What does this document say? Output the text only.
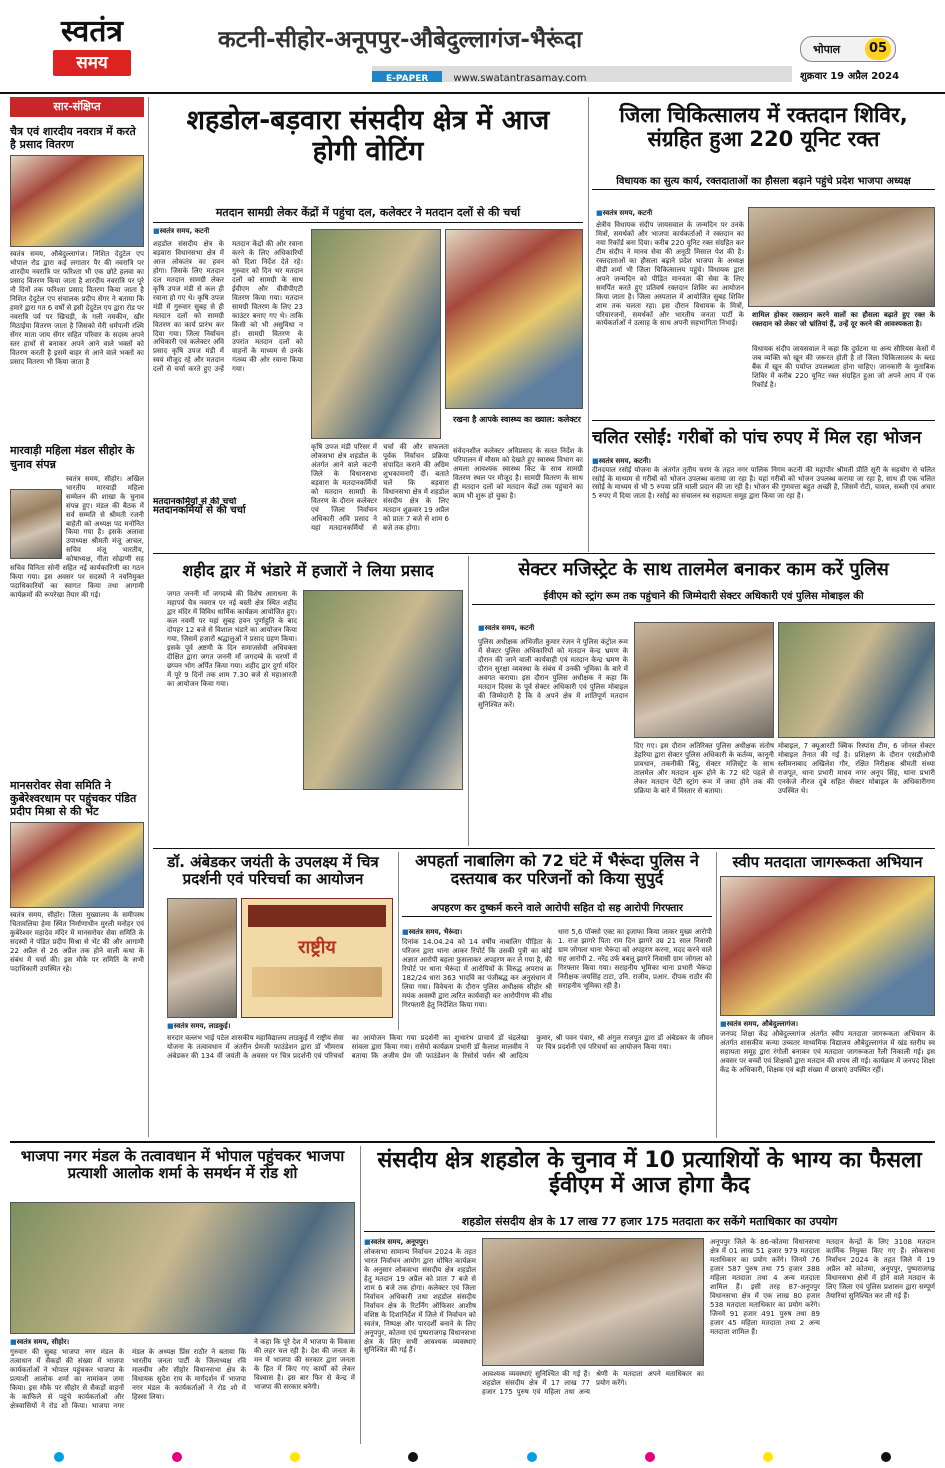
स्वतंत्र
समय
कटनी-सीहोर-अनूपपुर-औबेदुल्लागंज-भैरूंदा
E-PAPER	www.swatantrasamay.com
भोपाल	05
शुक्रवार 19 अप्रैल 2024
सार-संक्षिप्त
चैत्र एवं शारदीय नवरात्र में करते है प्रसाद वितरण
स्वतंत्र समय, औबेदुल्लागंज। निशित देदुटेल एप भोपाल रोड द्वारा कई लगातार पैर की नवरात्रि पर शारदीय नवरात्रि पर फरिश्ता भी एक छोटे हलवा का प्रसाद वितरण किया जाता है शारदीय नवरात्रि पर पूरे नौ दिनों तक फरिश्ता प्रसाद वितरण किया जाता है निशित देदुटेल एप संचालक प्रदीप सेंगर ने बताया कि हमारे द्वारा गत 6 वर्षों से इसी देदुटेल एप द्वारा रोड पर नवरात्रि पर्व पर खिचड़ी, के गली नमकीन, खीर मिठाईया वितरण जाता है जिसको मेरी धर्मपत्नी रश्मि सेंगर माता जाय सेंगर सहित परिवार के सदस्य अपने स्तर हाथों से बनाकर अपने आने वाले भक्तों को वितरण करती है इसमें बाहर से आने वाले भक्तों का प्रसाद वितरण भी किया जाता है
मारवाड़ी महिला मंडल सीहोर के चुनाव संपन्न
स्वतंत्र समय, सीहोर। अखिल भारतीय मारवाड़ी महिला सम्मेलन की शाखा के चुनाव संपन्न हुए। मंडल की बैठक में सर्व सम्मति से श्रीमती रजनी बाहेती को अध्यक्ष पद मनोनित किया गया है। इसके अलावा उपाध्यक्ष श्रीमती मंजू आचल, सचिव मंजू भारतीय, कोषाध्यक्ष, गीता सोढ़ाणी सह सचिव विनिता सोनी सहित नई कार्यकारिणी का गठन किया गया। इस अवसर पर सदस्यों ने नवनियुक्त पदाधिकारियों का स्वागत किया तथा आगामी कार्यक्रमों की रूपरेखा तैयार की गई।
मानसरोवर सेवा समिति ने कुबेरेश्वरधाम पर पहुंचकर पंडित प्रदीप मिश्रा से की भेंट
स्वतंत्र समय, सीहोर। जिला मुख्यालय के समीपस्थ चितावलिया हेमा स्थित निर्माणाधीन मुरली मनोहर एवं कुबेरेश्वर महादेव मंदिर में मानसरोवर सेवा समिति के सदस्यों ने पंडित प्रदीप मिश्रा से भेंट की और आगामी 22 अप्रैल से 26 अप्रैल तक होने वाली कथा के संबंध में चर्चा की। इस मौके पर समिति के सभी पदाधिकारी उपस्थित रहे।
शहडोल-बड़वारा संसदीय क्षेत्र में आज होगी वोटिंग
मतदान सामग्री लेकर केंद्रों में पहुंचा दल, कलेक्टर ने मतदान दलों से की चर्चा
■ स्वतंत्र समय, कटनी
शहडोल संसदीय क्षेत्र के बड़वारा विधानसभा क्षेत्र में आज लोकतंत्र का हवन होगा। जिसके लिए मतदान दल मतदान सामग्री लेकर कृषि उपज मंडी से कल ही रवाना हो गए थे। कृषि उपज मंडी में गुरुवार सुबह से ही मतदान दलों को सामग्री वितरण का कार्य प्रारंभ कर दिया गया। जिला निर्वाचन अधिकारी एवं कलेक्टर अवि प्रसाद कृषि उपज मंडी में स्वयं मौजूद रहे और मतदान दलों से चर्चा करते हुए उन्हें मतदान केंद्रों की ओर रवाना करने के लिए अधिकारियों को दिशा निर्देश देते रहे। गुरुवार को दिन भर मतदान दलों को सामग्री के साथ ईवीएम और वीवीपीएटी वितरण किया गया। मतदान सामग्री वितरण के लिए 23 काउंटर बनाए गए थे। ताकि किसी को भी असुविधा न हो। सामग्री वितरण के उपरांत मतदान दलों को वाहनों के माध्यम से उनके गंतव्य की ओर रवाना किया गया।
मतदानकर्मियों से की चर्चा
रखना है आपके स्वास्थ्य का ख्याल: कलेक्टर
कृषि उपज मंडी परिसर में लोकसभा क्षेत्र शहडोल के अंतर्गत आने वाले कटनी जिले के विधानसभा बड़वारा के मतदानकर्मियों को मतदान सामग्री के वितरण के दौरान कलेक्टर एवं जिला निर्वाचन अधिकारी अवि प्रसाद ने यहां मतदानकर्मियों से चर्चा की और सफलता पूर्वक निर्वाचन प्रक्रिया संपादित कराने की अग्रिम शुभकामनाएँ दीं। बताते चलें कि बड़वारा विधानसभा क्षेत्र में शहडोल संसदीय क्षेत्र के लिए मतदान शुक्रवार 19 अप्रैल को प्रातः 7 बजे से शाम 6 बजे तक होगा।
संवेदनशील कलेक्टर अविप्रसाद के सतत निर्देश के परिपालन में मौसम को देखते हुए स्वास्थ्य विभाग का अमला आवश्यक स्वास्थ्य किट के साथ सामग्री वितरण स्थल पर मौजूद है। सामग्री वितरण के साथ ही मतदान दलों को मतदान केंद्रों तक पहुंचाने का काम भी शुरू हो चुका है।
मतदानकर्मियों से की चर्चा
जिला चिकित्सालय में रक्तदान शिविर, संग्रहित हुआ 220 यूनिट रक्त
विधायक का सुत्य कार्य, रक्तदाताओं का हौसला बढ़ाने पहुंचे प्रदेश भाजपा अध्यक्ष
■ स्वतंत्र समय, कटनी
क्षेत्रीय विधायक संदीप जायसवाल के जन्मदिन पर उनके मित्रों, समर्थकों और भाजपा कार्यकर्ताओं ने रक्तदान का नया रिकॉर्ड बना दिया। करीब 220 यूनिट रक्त संग्रहित कर टीम संदीप ने मानव सेवा की अनूठी मिसाल पेश की है। रक्तदाताओं का हौसला बढ़ाने प्रदेश भाजपा के अध्यक्ष वीडी शर्मा भी जिला चिकित्सालय पहुंचे। विधायक द्वारा अपने जन्मदिन को पीड़ित मानवता की सेवा के लिए समर्पित करते हुए प्रतिवर्ष रक्तदान शिविर का आयोजन किया जाता है। जिला अस्पताल में आयोजित सुबह शिविर शाम तक चलता रहा। इस दौरान विधायक के मित्रों, परिवारजनों, समर्थकों और भारतीय जनता पार्टी के कार्यकर्ताओं ने उत्साह के साथ अपनी सहभागिता निभाई।
शामिल होकर रक्तदान करने वालों का हौसला बढ़ाते हुए रक्त के रक्तदान को लेकर जो भ्रांतियां हैं, उन्हें दूर करने की आवश्यकता है।
विधायक संदीप जायसवाल ने कहा कि दुर्घटना या अन्य सीरियस केसों में जब व्यक्ति को खून की जरूरत होती है तो जिला चिकित्सालय के ब्लड बैंक में खून की पर्याप्त उपलब्धता होना चाहिए। जानकारी के मुताबिक शिविर में करीब 220 यूनिट रक्त संग्रहित हुआ जो अपने आप में एक रिकॉर्ड है।
चलित रसोईं: गरीबों को पांच रुपए में मिल रहा भोजन
■ स्वतंत्र समय, कटनी।
दीनदयाल रसोई योजना के अंतर्गत तृतीय चरण के तहत नगर पालिक निगम कटनी की महापौर श्रीमती प्रीति सूरी के सहयोग से चलित रसोई के माध्यम से गरीबों को भोजन उपलब्ध कराया जा रहा है। यहां गरीबों को भोजन उपलब्ध कराया जा रहा है, साथ ही एक चलित रसोई के माध्यम से भी 5 रुपया प्रति थाली प्रदान की जा रही है। भोजन की गुणवत्ता बहुत अच्छी है, जिसमें रोटी, चावल, सब्जी एवं अचार 5 रुपए में दिया जाता है। रसोई का संचालन स्व सहायता समूह द्वारा किया जा रहा है।
शहीद द्वार में भंडारे में हजारों ने लिया प्रसाद
जगत जननी माँ जगदम्बे की विशेष आराधना के महापर्व चैत्र नवरात्र पर नई बस्ती क्षेत्र स्थित शहीद द्वार मंदिर में विविध धार्मिक कार्यक्रम आयोजित हुए। कल नवमी पर यहां सुबह हवन पूर्णाहुति के बाद दोपहर 12 बजे से विशाल भंडारे का आयोजन किया गया, जिसमें हजारों श्रद्धालुओं ने प्रसाद ग्रहण किया। इसके पूर्व अष्टमी के दिन समाजसेवी अधिवक्ता दीक्षित द्वारा जगत जननी माँ जगदम्बे के चरणों में छप्पन भोग अर्पित किया गया। शहीद द्वार दुर्गा मंदिर में पूरे 9 दिनों तक शाम 7.30 बजे से महाआरती का आयोजन किया गया।
सेक्टर मजिस्ट्रेट के साथ तालमेल बनाकर काम करें पुलिस
ईवीएम को स्ट्रांग रूम तक पहुंचाने की जिम्मेदारी सेक्टर अधिकारी एवं पुलिस मोबाइल की
■ स्वतंत्र समय, कटनी
पुलिस अधीक्षक अभिजीत कुमार रंजन ने पुलिस कंट्रोल रूम में सेक्टर पुलिस अधिकारियों को मतदान केन्द्र भ्रमण के दौरान की जाने वाली कार्यवाही एवं मतदान केन्द्र भ्रमण के दौरान सुरक्षा व्यवस्था के संबंध में उनकी भूमिका के बारे में अवगत कराया। इस दौरान पुलिस अधीक्षक ने कहा कि मतदान दिवस के पूर्व सेक्टर अधिकारी एवं पुलिस मोबाइल की जिम्मेदारी है कि वे अपने क्षेत्र में शांतिपूर्ण मतदान सुनिश्चित करें।
दिए गए। इस दौरान अतिरिक्त पुलिस अधीक्षक संतोष डेहरिया द्वारा सेक्टर पुलिस अधिकारी के कर्तव्य, कानूनी प्रावधान, तकनीकी बिंदु, सेक्टर मजिस्ट्रेट के साथ तालमेल और मतदान शुरू होने के 72 घंटे पहले से लेकर मतदान पेटी स्ट्रांग रूम में जमा होने तक की प्रक्रिया के बारे में विस्तार से बताया।
मोबाइल, 7 क्यूआरटी क्विक रिस्पांस टीम, 6 जोनल सेक्टर मोबाइल तैनात की गई है। प्रशिक्षण के दौरान एसडीओपी स्लीमनाबाद अखिलेश गौर, रक्षित निरीक्षक श्रीमती संध्या राजपूत, थाना प्रभारी माधव नगर अनूप सिंह, थाना प्रभारी एनकेजे नीरज दुबे सहित सेक्टर मोबाइल के अधिकारीगण उपस्थित थे।
डॉ. अंबेडकर जयंती के उपलक्ष्य में चित्र प्रदर्शनी एवं परिचर्चा का आयोजन
राष्ट्रीय
■ स्वतंत्र समय, लाडकुई।
सरदार वल्लभ भाई पटेल शासकीय महाविद्यालय लाडकुई में राष्ट्रीय सेवा योजना के तत्वावधान में अंतरीन प्रेमजी फाउंडेशन द्वारा डॉ भीमराव अंबेडकर की 134 वीं जयंती के अवसर पर चित्र प्रदर्शनी एवं परिचर्चा का आयोजन किया गया प्रदर्शनी का शुभारंभ प्राचार्य डॉ चंद्रलेखा सांवला द्वारा किया गया। रासेयो कार्यक्रम प्रभारी डॉ कैलाश मालवीय ने बताया कि अजीम प्रेम जी फाउंडेशन के रिसोर्स पर्सन श्री आदित्य कुमार, श्री पवन पंवार, श्री अंगुल राजपूत द्वारा डॉ अंबेडकर के जीवन पर चित्र प्रदर्शनी एवं परिचर्चा का आयोजन किया गया।
अपहर्ता नाबालिग को 72 घंटे में भैरूंदा पुलिस ने दस्तयाब कर परिजनों को किया सुपुर्द
अपहरण कर दुष्कर्म करने वाले आरोपी सहित दो सह आरोपी गिरफ्तार
■ स्वतंत्र समय, भैरूंदा।
दिनांक 14.04.24 को 14 वर्षीय नाबालिग पीड़िता के परिजन द्वारा थाना आकर रिपोर्ट कि उसकी पुत्री का कोई अज्ञात आरोपी बहला फुसलाकर अपहरण कर ले गया है, की रिपोर्ट पर थाना भैरूंदा में आरोपियों के विरुद्ध अपराध क्र 182/24 धारा 363 भादवि का पंजीबद्ध कर अनुसंधान में लिया गया। विवेचना के दौरान पुलिस अधीक्षक सीहोर श्री मयंक अवस्थी द्वारा त्वरित कार्यवाही कर आरोपीगण की शीघ्र गिरफ्तारी हेतु निर्देशित किया गया।
धारा 5,6 पॉक्सो एक्ट का इजाफा किया जाकर मुख्य आरोपी 1. राज झागरे पिता राम दिन झागरे उम्र 21 साल निवासी ग्राम जोगला थाना भैरूंदा को अपहरण करना, मदद करने वाले सह आरोपी 2. नरेंद्र उर्फ बबलू झागरे निवासी ग्राम जोगला को गिरफ्तार किया गया। सराहनीय भूमिका थाना प्रभारी भैरूंदा निरीक्षक जयसिंह टाटा, उनि. राजीव, प्रआर. दीपक राठौर की सराहनीय भूमिका रही है।
स्वीप मतदाता जागरूकता अभियान
■ स्वतंत्र समय, औबेदुल्लागंज।
जनपद शिक्षा केंद्र औबेदुल्लागंज अंतर्गत स्वीप मतदाता जागरूकता अभियान के अंतर्गत शासकीय कन्या उच्चतर माध्यमिक विद्यालय औबेदुल्लागंज में खंड स्तरीय स्व सहायता समूह द्वारा रंगोली बनाकर एवं मतदाता जागरूकता रैली निकाली गई। इस अवसर पर बच्चों एवं शिक्षकों द्वारा मतदान की शपथ ली गई। कार्यक्रम में जनपद शिक्षा केंद्र के अधिकारी, शिक्षक एवं बड़ी संख्या में छात्राएं उपस्थित रहीं।
भाजपा नगर मंडल के तत्वावधान में भोपाल पहुंचकर भाजपा प्रत्याशी आलोक शर्मा के समर्थन में रोड शो
■ स्वतंत्र समय, सीहोर।
गुरुवार की सुबह भाजपा नगर मंडल के तत्वाधान में सैकड़ों की संख्या में भाजपा कार्यकर्ताओं ने भोपाल पहुंचकर भाजपा के प्रत्याशी आलोक शर्मा का नामांकन जमा किया। इस मौके पर सीहोर से सैकड़ों वाहनों के काफिले से पहुंचे कार्यकर्ताओं और क्षेत्रवासियों ने रोड शो किया। भाजपा नगर मंडल के अध्यक्ष प्रिंस राठौर ने बताया कि भारतीय जनता पार्टी के जिलाध्यक्ष रवि मालवीय और सीहोर विधानसभा क्षेत्र के विधायक सुदेश राय के मार्गदर्शन में भाजपा नगर मंडल के कार्यकर्ताओं ने रोड शो में हिस्सा लिया।
ने कहा कि पूरे देश में भाजपा के विकास की लहर चल रही है। देश की जनता के मन में भाजपा की सरकार द्वारा जनता के हित में किए गए कार्यों को लेकर विश्वास है। इस बार फिर से केन्द्र में भाजपा की सरकार बनेगी।
संसदीय क्षेत्र शहडोल के चुनाव में 10 प्रत्याशियों के भाग्य का फैसला ईवीएम में आज होगा कैद
शहडोल संसदीय क्षेत्र के 17 लाख 77 हजार 175 मतदाता कर सकेंगे मताधिकार का उपयोग
■ स्वतंत्र समय, अनूपपुर।
लोकसभा सामान्य निर्वाचन 2024 के तहत भारत निर्वाचन आयोग द्वारा घोषित कार्यक्रम के अनुसार लोकसभा संसदीय क्षेत्र शहडोल हेतु मतदान 19 अप्रैल को प्रातः 7 बजे से शाम 6 बजे तक होगा। कलेक्टर एवं जिला निर्वाचन अधिकारी तथा शहडोल संसदीय निर्वाचन क्षेत्र के रिटर्निंग ऑफिसर आशीष वशिष्ठ के दिशानिर्देश में जिले में निर्वाचन को स्वतंत्र, निष्पक्ष और पारदर्शी बनाने के लिए अनूपपुर, कोतमा एवं पुष्पराजगढ़ विधानसभा क्षेत्र के लिए सभी आवश्यक व्यवस्थाएं सुनिश्चित की गई हैं।
आवश्यक व्यवस्थाएं सुनिश्चित की गई हैं। शहडोल संसदीय क्षेत्र में 17 लाख 77 हजार 175 पुरुष एवं महिला तथा अन्य श्रेणी के मतदाता अपने मताधिकार का प्रयोग करेंगे।
अनूपपुर जिले के 86-कोतमा विधानसभा क्षेत्र में 01 लाख 51 हजार 979 मतदाता मताधिकार का प्रयोग करेंगे। जिनमें 76 हजार 587 पुरुष तथा 75 हजार 388 महिला मतदाता तथा 4 अन्य मतदाता शामिल हैं। इसी तरह 87-अनूपपुर विधानसभा क्षेत्र में एक लाख 80 हजार 538 मतदाता मताधिकार का प्रयोग करेंगे। जिनमें 91 हजार 491 पुरुष तथा 89 हजार 45 महिला मतदाता तथा 2 अन्य मतदाता शामिल हैं।
मतदान केन्द्रों के लिए 3108 मतदान कार्मिक नियुक्त किए गए हैं। लोकसभा निर्वाचन 2024 के तहत जिले में 19 अप्रैल को कोतमा, अनूपपुर, पुष्पराजगढ़ विधानसभा क्षेत्रों में होने वाले मतदान के लिए जिला एवं पुलिस प्रशासन द्वारा सम्पूर्ण तैयारियां सुनिश्चित कर ली गई हैं।
